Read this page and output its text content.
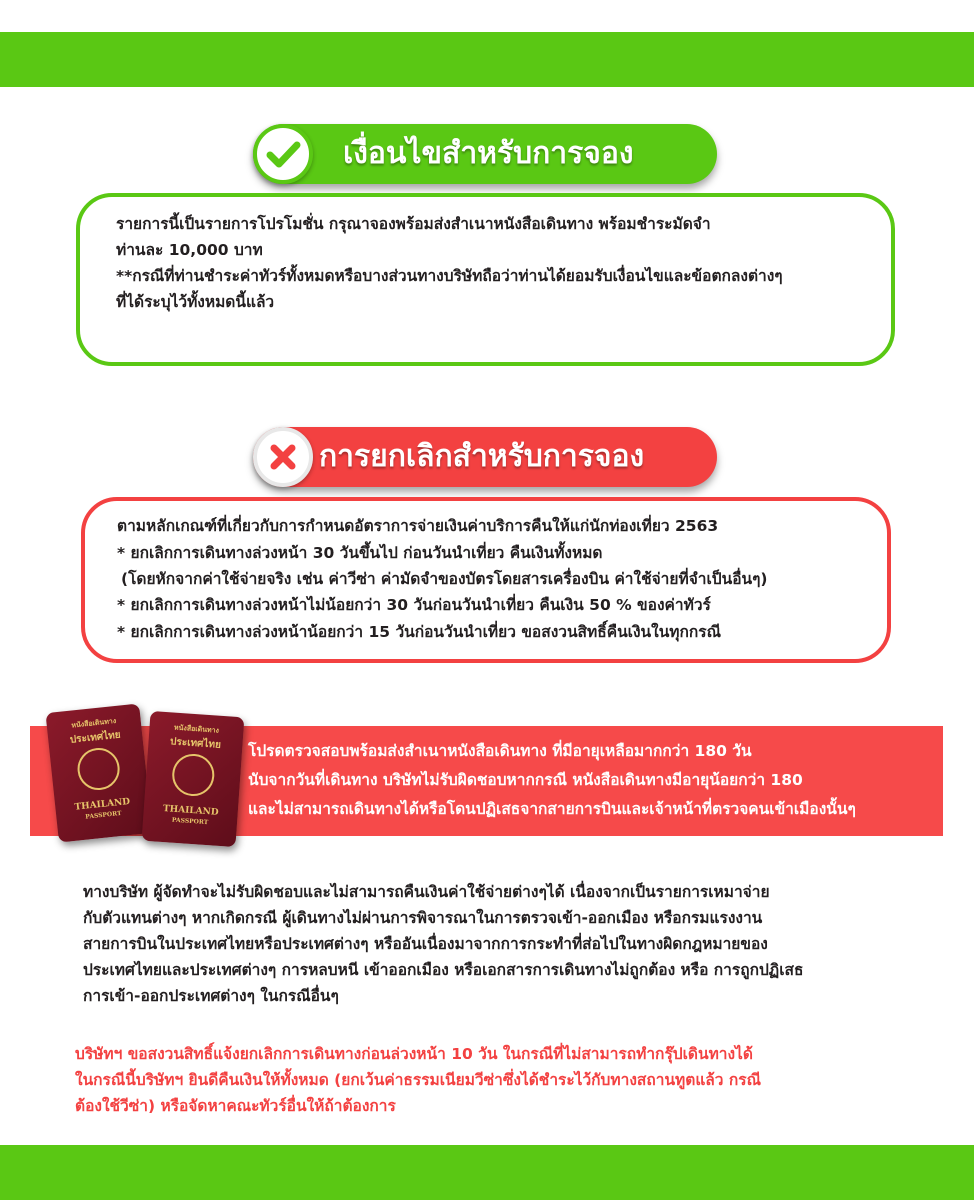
เงื่อนไขสำหรับการจอง

รายการนี้เป็นรายการโปรโมชั่น กรุณาจองพร้อมส่งสำเนาหนังสือเดินทาง พร้อมชำระมัดจำ

ท่านละ 10,000 บาท

**กรณีที่ท่านชำระค่าทัวร์ทั้งหมดหรือบางส่วนทางบริษัทถือว่าท่านได้ยอมรับเงื่อนไขและข้อตกลงต่างๆ

ที่ได้ระบุไว้ทั้งหมดนี้แล้ว

การยกเลิกสำหรับการจอง

ตามหลักเกณฑ์ที่เกี่ยวกับการกำหนดอัตราการจ่ายเงินค่าบริการคืนให้แก่นักท่องเที่ยว 2563

* ยกเลิกการเดินทางล่วงหน้า 30 วันขึ้นไป ก่อนวันนำเที่ยว คืนเงินทั้งหมด

(โดยหักจากค่าใช้จ่ายจริง เช่น ค่าวีซ่า ค่ามัดจำของบัตรโดยสารเครื่องบิน ค่าใช้จ่ายที่จำเป็นอื่นๆ)

* ยกเลิกการเดินทางล่วงหน้าไม่น้อยกว่า 30 วันก่อนวันนำเที่ยว คืนเงิน 50 % ของค่าทัวร์

* ยกเลิกการเดินทางล่วงหน้าน้อยกว่า 15 วันก่อนวันนำเที่ยว ขอสงวนสิทธิ์คืนเงินในทุกกรณี

โปรดตรวจสอบพร้อมส่งสำเนาหนังสือเดินทาง ที่มีอายุเหลือมากกว่า 180 วัน

นับจากวันที่เดินทาง บริษัทไม่รับผิดชอบหากกรณี หนังสือเดินทางมีอายุน้อยกว่า 180

และไม่สามารถเดินทางได้หรือโดนปฏิเสธจากสายการบินและเจ้าหน้าที่ตรวจคนเข้าเมืองนั้นๆ

หนังสือเดินทาง
ประเทศไทย
THAILAND
PASSPORT
หนังสือเดินทาง
ประเทศไทย
THAILAND
PASSPORT
ทางบริษัท ผู้จัดทำจะไม่รับผิดชอบและไม่สามารถคืนเงินค่าใช้จ่ายต่างๆได้ เนื่องจากเป็นรายการเหมาจ่าย
กับตัวแทนต่างๆ หากเกิดกรณี ผู้เดินทางไม่ผ่านการพิจารณาในการตรวจเข้า-ออกเมือง หรือกรมแรงงาน
สายการบินในประเทศไทยหรือประเทศต่างๆ หรืออันเนื่องมาจากการกระทำที่ส่อไปในทางผิดกฎหมายของ
ประเทศไทยและประเทศต่างๆ การหลบหนี เข้าออกเมือง หรือเอกสารการเดินทางไม่ถูกต้อง หรือ การถูกปฏิเสธ
การเข้า-ออกประเทศต่างๆ ในกรณีอื่นๆ
บริษัทฯ ขอสงวนสิทธิ์แจ้งยกเลิกการเดินทางก่อนล่วงหน้า 10 วัน ในกรณีที่ไม่สามารถทำกรุ๊ปเดินทางได้
ในกรณีนี้บริษัทฯ ยินดีคืนเงินให้ทั้งหมด (ยกเว้นค่าธรรมเนียมวีซ่าซึ่งได้ชำระไว้กับทางสถานทูตแล้ว กรณี
ต้องใช้วีซ่า) หรือจัดหาคณะทัวร์อื่นให้ถ้าต้องการ
